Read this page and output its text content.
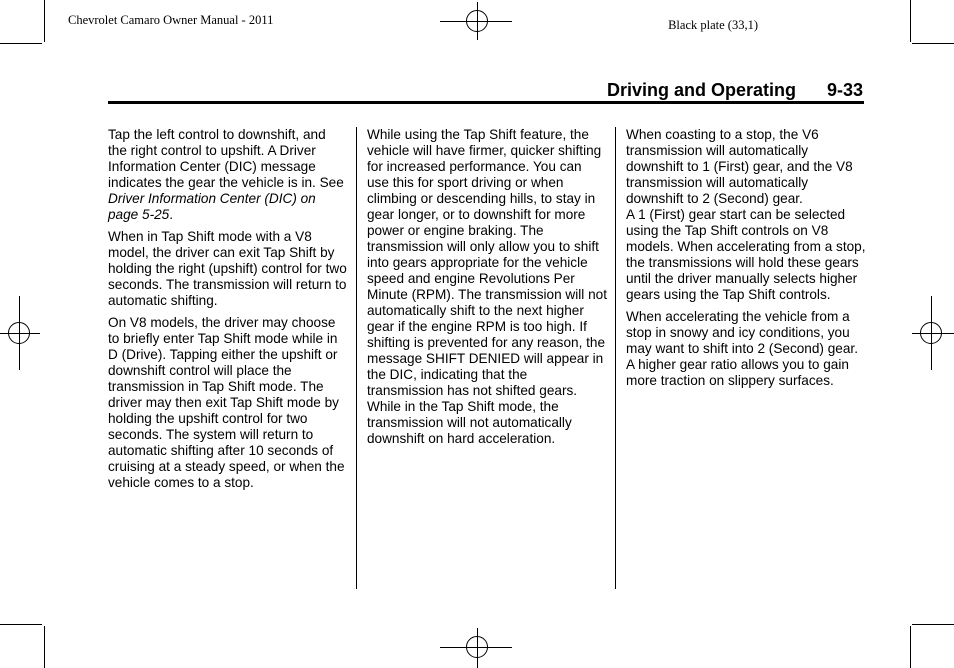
Chevrolet Camaro Owner Manual - 2011	Black plate (33,1)
Driving and Operating 9-33

Tap the left control to downshift, and the right control to upshift. A Driver Information Center (DIC) message indicates the gear the vehicle is in. See Driver Information Center (DIC) on page 5-25.

When in Tap Shift mode with a V8 model, the driver can exit Tap Shift by holding the right (upshift) control for two seconds. The transmission will return to automatic shifting.

On V8 models, the driver may choose to briefly enter Tap Shift mode while in D (Drive). Tapping either the upshift or downshift control will place the transmission in Tap Shift mode. The driver may then exit Tap Shift mode by holding the upshift control for two seconds. The system will return to automatic shifting after 10 seconds of cruising at a steady speed, or when the vehicle comes to a stop.

While using the Tap Shift feature, the vehicle will have firmer, quicker shifting for increased performance. You can use this for sport driving or when climbing or descending hills, to stay in gear longer, or to downshift for more power or engine braking. The transmission will only allow you to shift into gears appropriate for the vehicle speed and engine Revolutions Per Minute (RPM). The transmission will not automatically shift to the next higher gear if the engine RPM is too high. If shifting is prevented for any reason, the message SHIFT DENIED will appear in the DIC, indicating that the transmission has not shifted gears. While in the Tap Shift mode, the transmission will not automatically downshift on hard acceleration.

When coasting to a stop, the V6 transmission will automatically downshift to 1 (First) gear, and the V8 transmission will automatically downshift to 2 (Second) gear.

A 1 (First) gear start can be selected using the Tap Shift controls on V8 models. When accelerating from a stop, the transmissions will hold these gears until the driver manually selects higher gears using the Tap Shift controls.

When accelerating the vehicle from a stop in snowy and icy conditions, you may want to shift into 2 (Second) gear. A higher gear ratio allows you to gain more traction on slippery surfaces.
